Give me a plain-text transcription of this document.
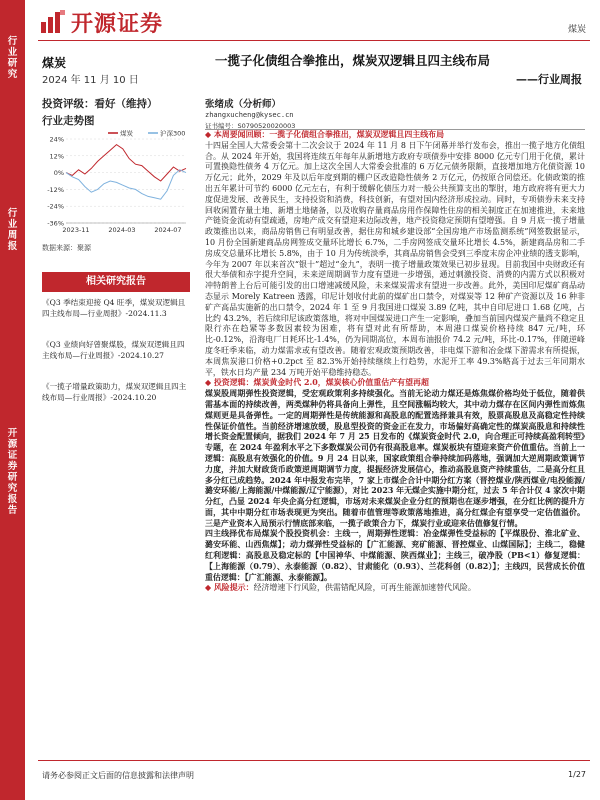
行业研究
行业周报
开源证券研究报告
开源证券	煤炭
煤炭
2024 年 11 月 10 日
一揽子化债组合拳推出，煤炭双逻辑且四主线布局
——行业周报
投资评级：看好（维持）
行业走势图
24%
12%
0%
-12%
-24%
-36%
2023-11	2024-03	2024-07
煤炭	沪深300
数据来源：聚源
相关研究报告
《Q3 季结束迎接 Q4 旺季，煤炭双逻辑且四主线布局—行业周报》-2024.11.3
《Q3 业绩向好曾聚煤股，煤炭双逻辑且四主线布局—行业周报》-2024.10.27
《一揽子增量政策助力，煤炭双逻辑且四主线布局—行业周报》-2024.10.20
张绪成（分析师）
zhangxucheng@kysec.cn
证书编号：S0790520020003

◆ 本周要闻回顾：一揽子化债组合拳推出，煤炭双逻辑且四主线布局

十四届全国人大常委会第十二次会议于 2024 年 11 月 8 日下午闭幕并举行发布会，推出一揽子地方化债组合。从 2024 年开始，我国将连续五年每年从新增地方政府专项债券中安排 8000 亿元专门用于化债，累计可置换隐性债务 4 万亿元。加上这次全国人大常委会批准的 6 万亿元债务限额，直接增加地方化债资源 10 万亿元；此外，2029 年及以后年度到期的棚户区改造隐性债务 2 万亿元，仍按原合同偿还。化债政策的推出五年累计可节约 6000 亿元左右，有利于缓解化债压力对一般公共预算支出的掣肘，地方政府将有更大力度促进发展、改善民生，支持投资和消费，科技创新，有望对国内经济形成拉动。同时，专项债券未来支持回收闲置存量土地、新增土地储备，以及收购存量商品房用作保障性住房的相关制度正在加速推进，未来地产链资金流动有望疏通，房地产成交有望迎来边际改善，地产投资稳定预期有望增强。自 9 月底一揽子增量政策推出以来，商品房销售已有明显改善，据住房和城乡建设部“全国房地产市场监测系统”网签数据显示，10 月份全国新建商品房网签成交量环比增长 6.7%，二手房网签成交量环比增长 4.5%，新建商品房和二手房成交总量环比增长 5.8%，由于 10 月为传统淡季，其商品房销售会受到三季度末房企冲业绩的透支影响，今年为 2007 年以来首次“银十”超过“金九”，表明一揽子增量政策效果已初步显现。目前我国中央财政还有很大举债和赤字提升空间，未来逆周期调节力度有望进一步增强，通过刺激投资、消费的内需方式以积极对冲特朗普上台后可能引发的出口增速减缓风险，未来煤炭需求有望进一步改善。此外，美国印尼煤矿商品动态显示 Morely Katreen 透露，印尼计划收付此前的煤矿出口禁令，对煤炭等 12 种矿产资源以及 16 种非矿产高品实施新的出口禁令，2024 年 1 至 9 月我国进口煤炭 3.89 亿吨，其中自印尼进口 1.68 亿吨，占比约 43.2%，若后续印尼该政策落地，将对中国煤炭进口产生一定影响，叠加当前国内煤炭产量尚不稳定且限行亦在趋紧等多数因素较为困难，将有望对此有所帮助，本周港口煤炭价格持续 847 元/吨，环比-0.12%，沿海电厂日耗环比-1.4%，仍为同期高位，本周布油报价 74.2 元/吨，环比-0.17%，伴随逆峰度冬旺季来临，动力煤需求或有望改善。随着宏观政策预期改善，非电煤下游和冶金煤下游需求有所提振，本周焦炭港口价格+0.2pct 至 82.3%开始持续继续上行趋势，水泥开工率 49.3%略高于过去三年同期水平，铁水日均产量 234 万吨开始平稳维持稳态。

◆ 投资逻辑：煤炭黄金时代 2.0，煤炭核心价值重估产有望再超

煤炭股周期弹性投资逻辑，受宏观政策利多持续强化。当前无论动力煤还是炼焦煤价格均处于低位，随着供需基本面的持续改善，两类煤种仍将具备向上弹性，且空间涨幅均较大，其中动力煤存在区间内弹性而炼焦煤则更是具备弹性。一定的周期弹性是传统能源和高股息的配置选择兼具有效，股票高股息及高稳定性持续性保证价值性。当前经济增速放缓，股息型投资的资金正在发力，市场偏好高确定性的煤炭高股息和持续性增长资金配置倾向，据我们 2024 年 7 月 25 日发布的《煤炭资金时代 2.0，向合理正可持续高盈利转型》专题，在 2024 年盈利水平之下多数煤炭公司仍有很高股息率。煤炭板块有望迎来资产价值重估。当前上一逻辑：高股息有效强化的价值。9 月 24 日以来，国家政策组合拳持续加码落地，强调加大逆周期政策调节力度，并加大财政货币政策逆周期调节力度，提振经济发展信心，推动高股息资产持续重估，二是高分红且多分红已成趋势。2024 年中报发布完毕，7 家上市煤企合计中期分红方案（晋控煤业/陕西煤业/电投能源/潞安环能/上海能源/中煤能源/辽宁能源），对比 2023 年无煤企实施中期分红，过去 5 年合计仅 4 家次中期分红，凸显 2024 年央企高分红逻辑，市场对未来煤炭企业分红的预期也在逐步增强，在分红比例的提升方面，其中中期分红市场表现更为突出。随着市值管理等政策落地推进，高分红煤企有望享受一定估值溢价。三是产业资本入局预示行情底部来临，一揽子政策合力下，煤炭行业或迎来估值修复行情。

四主线择优布局煤炭个股投资机会：主线一，周期弹性逻辑：冶金煤弹性受益标的【平煤股份、淮北矿业、潞安环能、山西焦煤】；动力煤弹性受益标的【广汇能源、兖矿能源、晋控煤业、山煤国际】；主线二，稳健红利逻辑：高股息及稳定标的【中国神华、中煤能源、陕西煤业】；主线三，破净股（PB<1）修复逻辑：【上海能源（0.79）、永泰能源（0.82）、甘肃能化（0.93）、兰花科创（0.82）】；主线四，民营成长价值重估逻辑：【广汇能源、永泰能源】。

◆ 风险提示：经济增速下行风险，供需错配风险，可再生能源加速替代风险。

请务必参阅正文后面的信息披露和法律声明	1/27
